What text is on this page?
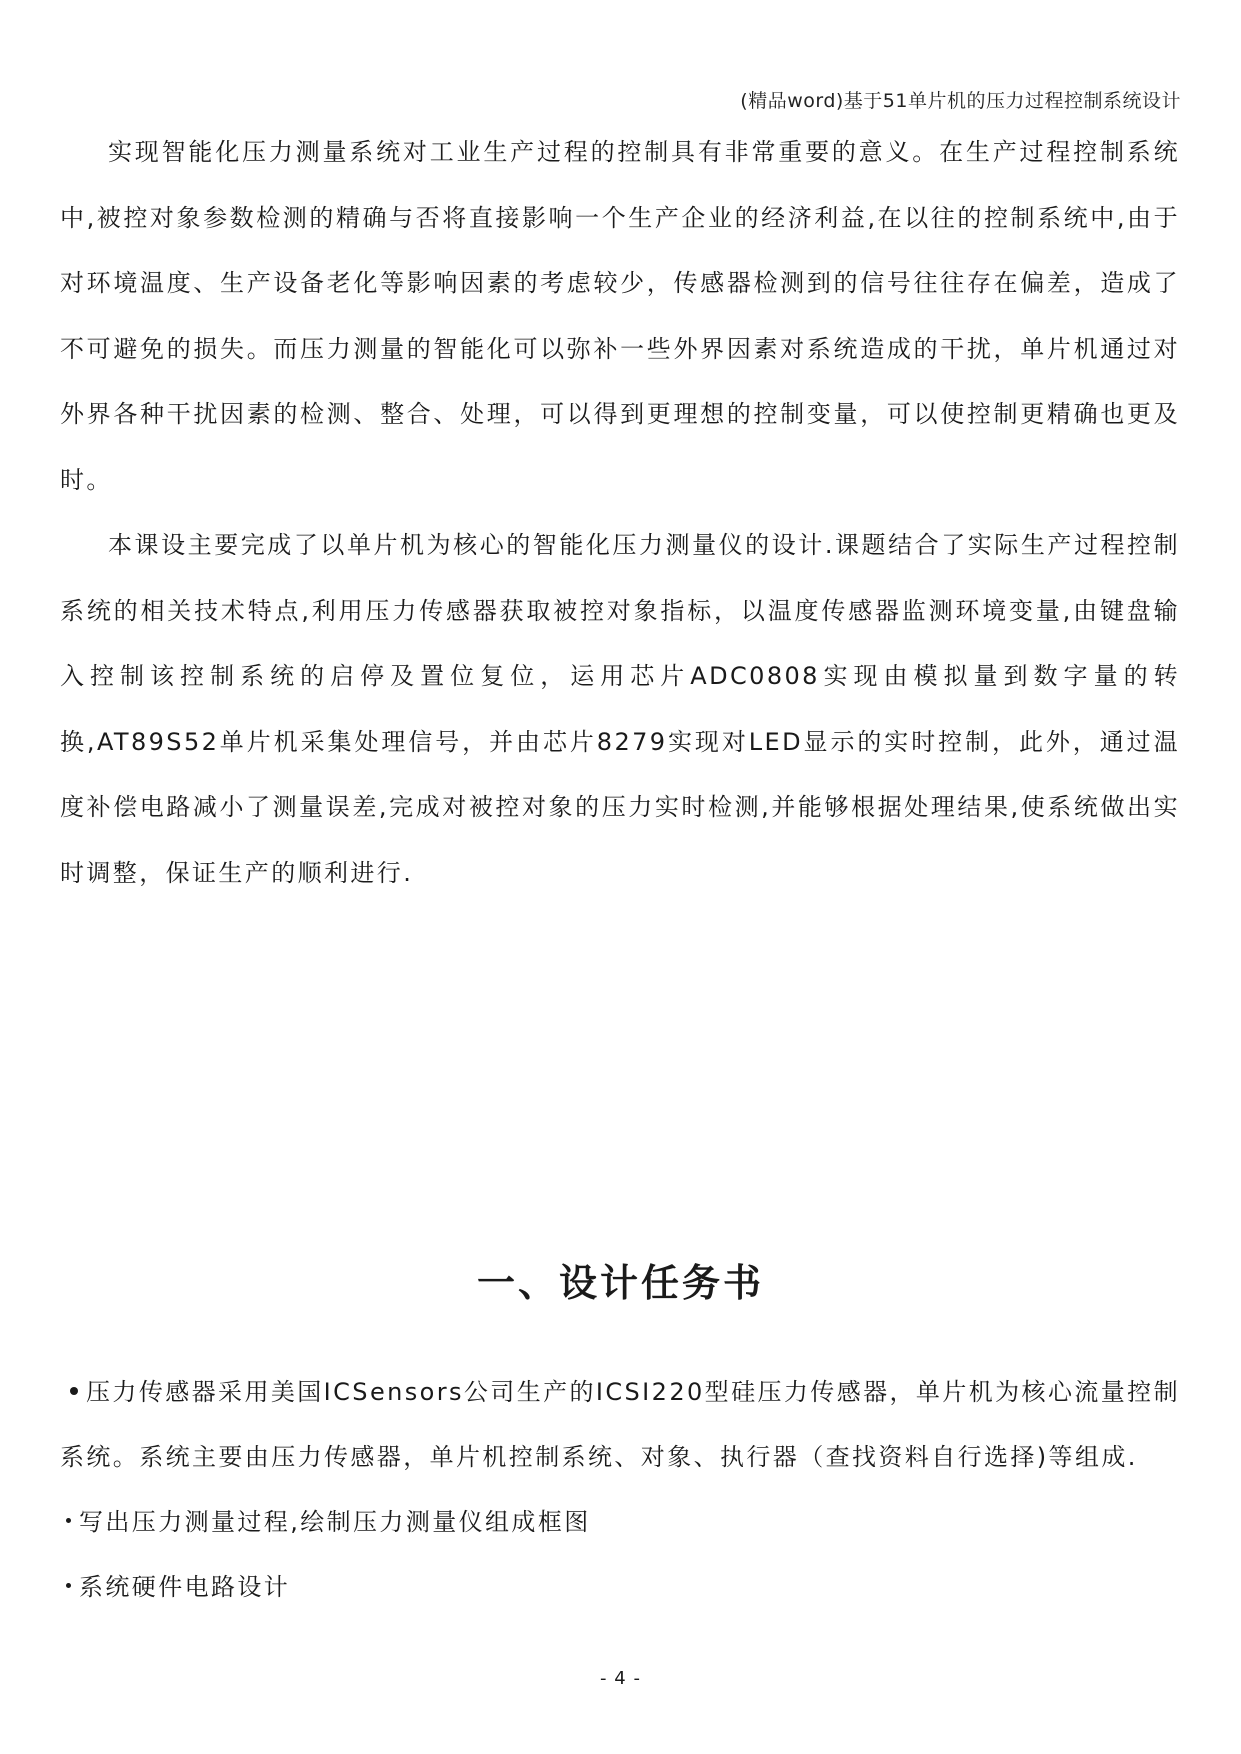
(精品word)基于51单片机的压力过程控制系统设计

实现智能化压力测量系统对工业生产过程的控制具有非常重要的意义。在生产过程控制系统中,被控对象参数检测的精确与否将直接影响一个生产企业的经济利益,在以往的控制系统中,由于对环境温度、生产设备老化等影响因素的考虑较少，传感器检测到的信号往往存在偏差，造成了不可避免的损失。而压力测量的智能化可以弥补一些外界因素对系统造成的干扰，单片机通过对外界各种干扰因素的检测、整合、处理，可以得到更理想的控制变量，可以使控制更精确也更及时。

本课设主要完成了以单片机为核心的智能化压力测量仪的设计.课题结合了实际生产过程控制系统的相关技术特点,利用压力传感器获取被控对象指标，以温度传感器监测环境变量,由键盘输入控制该控制系统的启停及置位复位，运用芯片ADC0808实现由模拟量到数字量的转换,AT89S52单片机采集处理信号，并由芯片8279实现对LED显示的实时控制，此外，通过温度补偿电路减小了测量误差,完成对被控对象的压力实时检测,并能够根据处理结果,使系统做出实时调整，保证生产的顺利进行.

一、设计任务书
压力传感器采用美国ICSensors公司生产的ICSI220型硅压力传感器，单片机为核心流量控制系统。系统主要由压力传感器，单片机控制系统、对象、执行器（查找资料自行选择)等组成.
写出压力测量过程,绘制压力测量仪组成框图
系统硬件电路设计
- 4 -
